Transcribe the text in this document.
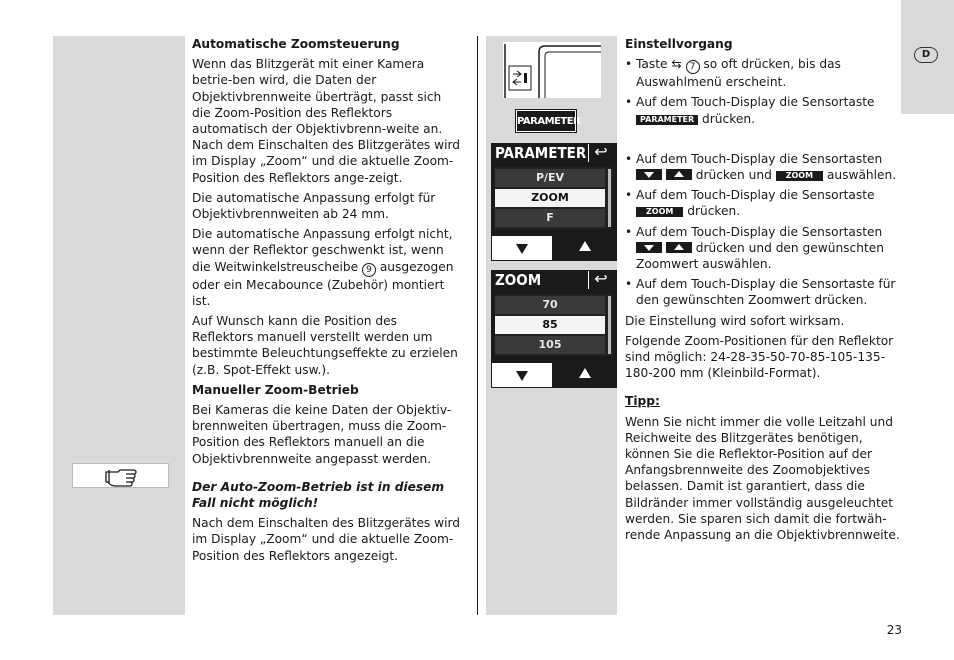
Automatische Zoomsteuerung

Wenn das Blitzgerät mit einer Kamera betrie-ben wird, die Daten der Objektivbrennweite überträgt, passt sich die Zoom-Position des Reflektors automatisch der Objektivbrenn-weite an. Nach dem Einschalten des Blitzgerätes wird im Display „Zoom“ und die aktuelle Zoom-Position des Reflektors ange-zeigt.

Die automatische Anpassung erfolgt für Objektivbrennweiten ab 24 mm.

Die automatische Anpassung erfolgt nicht, wenn der Reflektor geschwenkt ist, wenn die Weitwinkelstreuscheibe 9 ausgezogen oder ein Mecabounce (Zubehör) montiert ist.

Auf Wunsch kann die Position des Reflektors manuell verstellt werden um bestimmte Beleuchtungseffekte zu erzielen (z.B. Spot-Effekt usw.).

Manueller Zoom-Betrieb

Bei Kameras die keine Daten der Objektiv-brennweiten übertragen, muss die Zoom-Position des Reflektors manuell an die Objektivbrennweite angepasst werden.

Der Auto-Zoom-Betrieb ist in diesem Fall nicht möglich!

Nach dem Einschalten des Blitzgerätes wird im Display „Zoom“ und die aktuelle Zoom-Position des Reflektors angezeigt.

PARAMETER
PARAMETER ↩
P/EV
ZOOM
F
ZOOM	↩
70
85
105

Einstellvorgang

• Taste ⇆ 7 so oft drücken, bis das Auswahlmenü erscheint.
• Auf dem Touch-Display die Sensortaste
PARAMETER drücken.
• Auf dem Touch-Display die Sensortasten

drücken und ZOOM auswählen.
• Auf dem Touch-Display die Sensortaste
ZOOM drücken.
• Auf dem Touch-Display die Sensortasten

drücken und den gewünschten Zoomwert auswählen.
• Auf dem Touch-Display die Sensortaste für den gewünschten Zoomwert drücken.

Die Einstellung wird sofort wirksam.

Folgende Zoom-Positionen für den Reflektor sind möglich: 24-28-35-50-70-85-105-135-180-200 mm (Kleinbild-Format).

Tipp:

Wenn Sie nicht immer die volle Leitzahl und Reichweite des Blitzgerätes benötigen, können Sie die Reflektor-Position auf der Anfangsbrennweite des Zoomobjektives belassen. Damit ist garantiert, dass die Bildränder immer vollständig ausgeleuchtet werden. Sie sparen sich damit die fortwäh-rende Anpassung an die Objektivbrennweite.

D
23
